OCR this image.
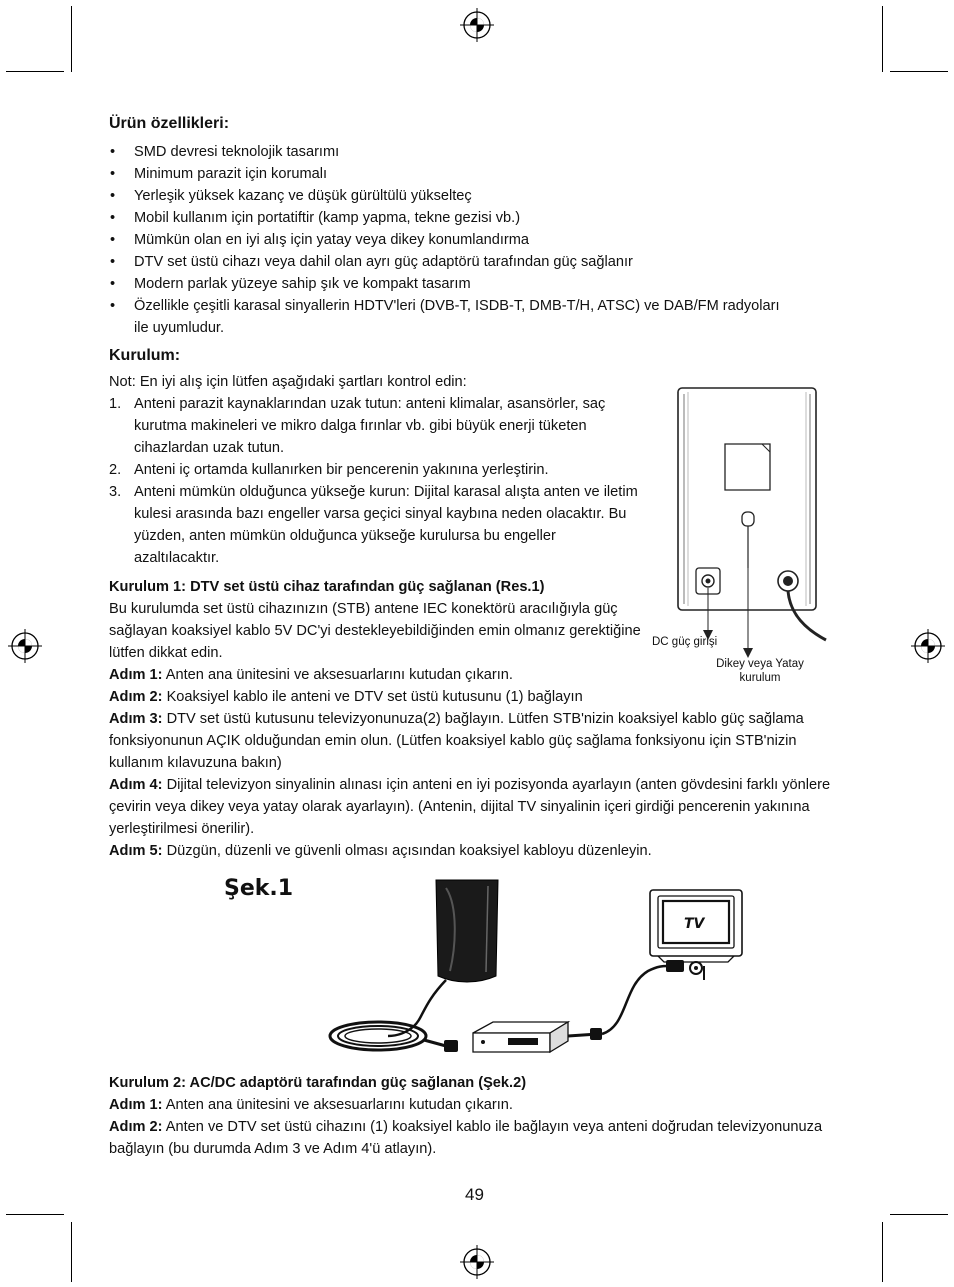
Ürün özellikleri:
• SMD devresi teknolojik tasarımı
• Minimum parazit için korumalı
• Yerleşik yüksek kazanç ve düşük gürültülü yükselteç
• Mobil kullanım için portatiftir (kamp yapma, tekne gezisi vb.)
• Mümkün olan en iyi alış için yatay veya dikey konumlandırma
• DTV set üstü cihazı veya dahil olan ayrı güç adaptörü tarafından güç sağlanır
• Modern parlak yüzeye sahip şık ve kompakt tasarım
• Özellikle çeşitli karasal sinyallerin HDTV'leri (DVB-T, ISDB-T, DMB-T/H, ATSC) ve DAB/FM radyoları ile uyumludur.
Kurulum:
Not: En iyi alış için lütfen aşağıdaki şartları kontrol edin:
1. Anteni parazit kaynaklarından uzak tutun: anteni klimalar, asansörler, saç kurutma makineleri ve mikro dalga fırınlar vb. gibi büyük enerji tüketen cihazlardan uzak tutun.
2. Anteni iç ortamda kullanırken bir pencerenin yakınına yerleştirin.
3. Anteni mümkün olduğunca yükseğe kurun: Dijital karasal alışta anten ve iletim kulesi arasında bazı engeller varsa geçici sinyal kaybına neden olacaktır. Bu yüzden, anten mümkün olduğunca yükseğe kurulursa bu engeller azaltılacaktır.
DC güç girişi
Dikey veya Yatay kurulum
Kurulum 1: DTV set üstü cihaz tarafından güç sağlanan (Res.1)
Bu kurulumda set üstü cihazınızın (STB) antene IEC konektörü aracılığıyla güç sağlayan koaksiyel kablo 5V DC'yi destekleyebildiğinden emin olmanız gerektiğine lütfen dikkat edin.
Adım 1: Anten ana ünitesini ve aksesuarlarını kutudan çıkarın.
Adım 2: Koaksiyel kablo ile anteni ve DTV set üstü kutusunu (1) bağlayın
Adım 3: DTV set üstü kutusunu televizyonunuza(2) bağlayın. Lütfen STB'nizin koaksiyel kablo güç sağlama fonksiyonunun AÇIK olduğundan emin olun. (Lütfen koaksiyel kablo güç sağlama fonksiyonu için STB'nizin kullanım kılavuzuna bakın)
Adım 4: Dijital televizyon sinyalinin alınası için anteni en iyi pozisyonda ayarlayın (anten gövdesini farklı yönlere çevirin veya dikey veya yatay olarak ayarlayın). (Antenin, dijital TV sinyalinin içeri girdiği pencerenin yakınına yerleştirilmesi önerilir).
Adım 5: Düzgün, düzenli ve güvenli olması açısından koaksiyel kabloyu düzenleyin.
Şek.1
TV
Kurulum 2: AC/DC adaptörü tarafından güç sağlanan (Şek.2)
Adım 1: Anten ana ünitesini ve aksesuarlarını kutudan çıkarın.
Adım 2: Anten ve DTV set üstü cihazını (1) koaksiyel kablo ile bağlayın veya anteni doğrudan televizyonunuza bağlayın (bu durumda Adım 3 ve Adım 4'ü atlayın).
49
